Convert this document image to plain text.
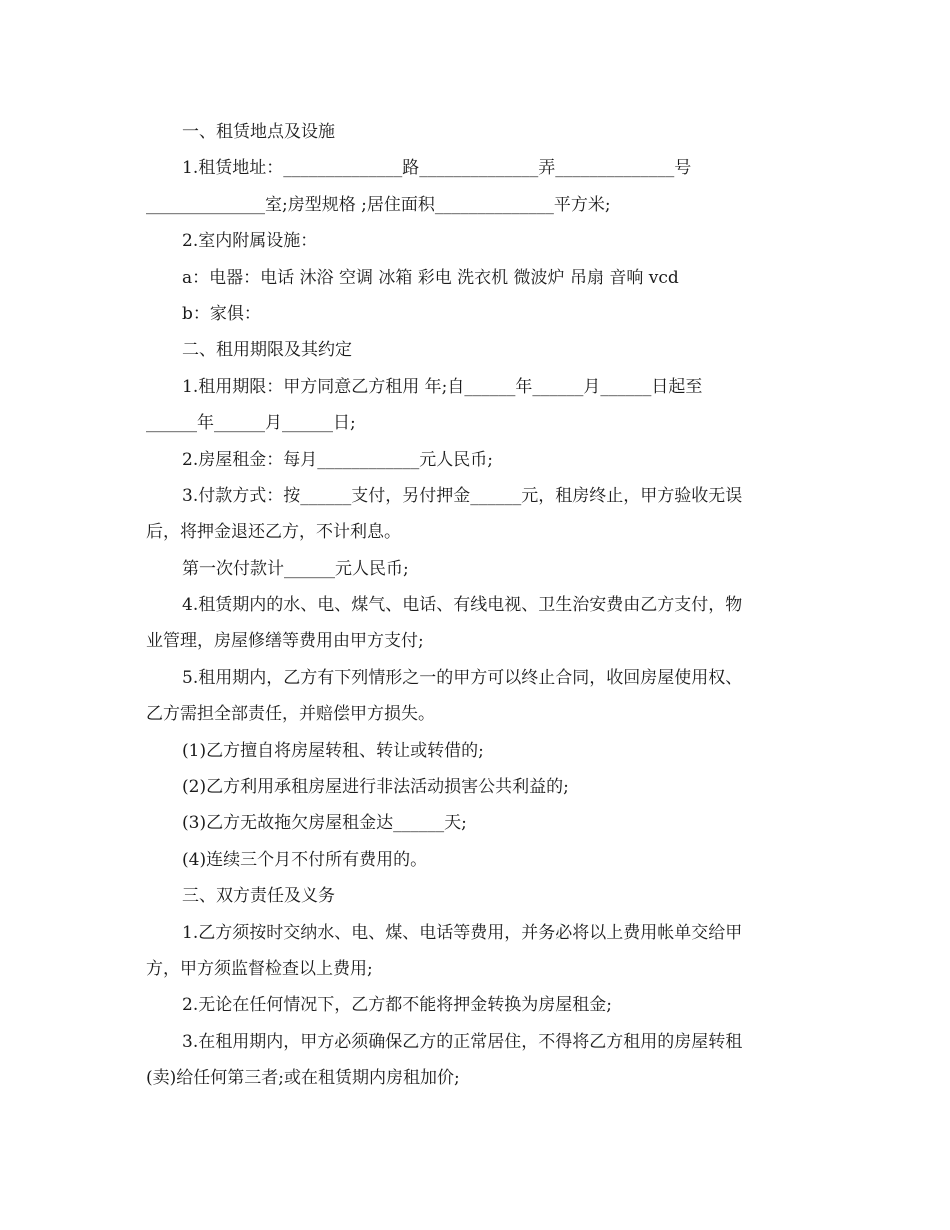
一、租赁地点及设施
1.租赁地址：______________路______________弄______________号
______________室;房型规格 ;居住面积______________平方米;
2.室内附属设施：
a：电器：电话 沐浴 空调 冰箱 彩电 洗衣机 微波炉 吊扇 音响 vcd
b：家俱：
二、租用期限及其约定
1.租用期限：甲方同意乙方租用 年;自______年______月______日起至
______年______月______日;
2.房屋租金：每月____________元人民币;
3.付款方式：按______支付，另付押金______元，租房终止，甲方验收无误
后，将押金退还乙方，不计利息。
第一次付款计______元人民币;
4.租赁期内的水、电、煤气、电话、有线电视、卫生治安费由乙方支付，物
业管理，房屋修缮等费用由甲方支付;
5.租用期内，乙方有下列情形之一的甲方可以终止合同，收回房屋使用权、
乙方需担全部责任，并赔偿甲方损失。
(1)乙方擅自将房屋转租、转让或转借的;
(2)乙方利用承租房屋进行非法活动损害公共利益的;
(3)乙方无故拖欠房屋租金达______天;
(4)连续三个月不付所有费用的。
三、双方责任及义务
1.乙方须按时交纳水、电、煤、电话等费用，并务必将以上费用帐单交给甲
方，甲方须监督检查以上费用;
2.无论在任何情况下，乙方都不能将押金转换为房屋租金;
3.在租用期内，甲方必须确保乙方的正常居住，不得将乙方租用的房屋转租
(卖)给任何第三者;或在租赁期内房租加价;
